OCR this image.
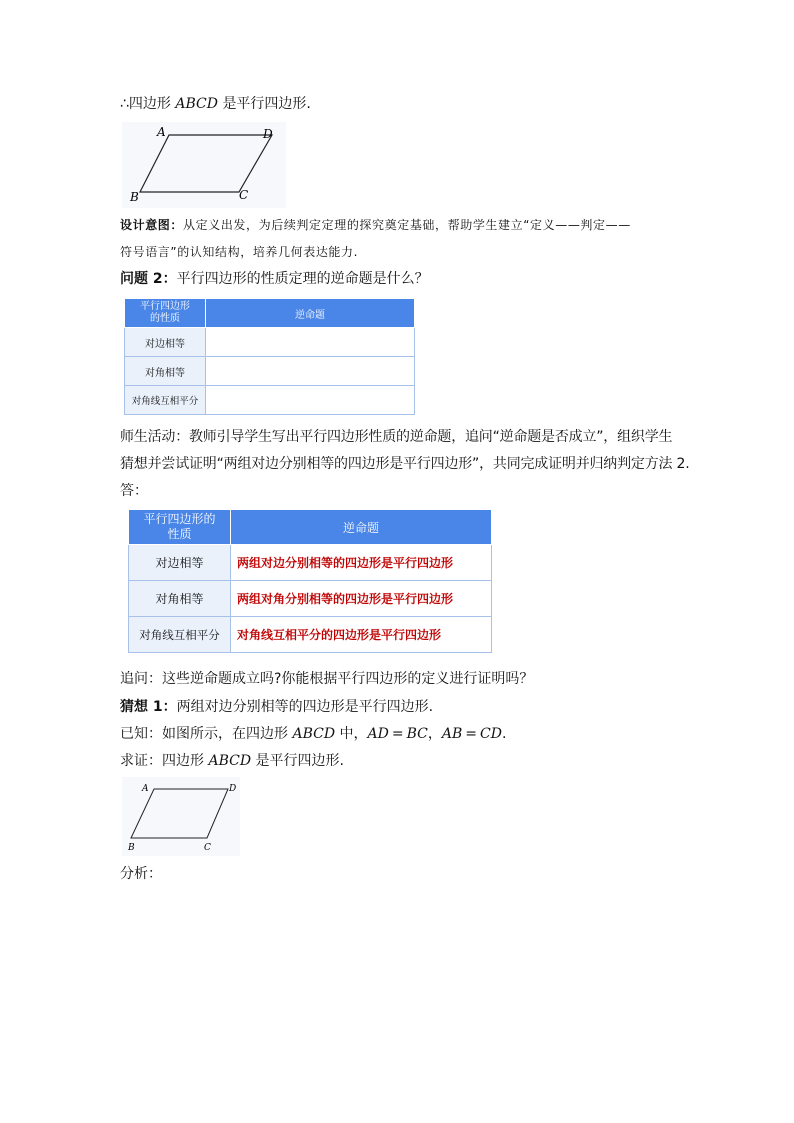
∴四边形 ABCD 是平行四边形.
A	D
B	C
设计意图：从定义出发，为后续判定定理的探究奠定基础，帮助学生建立“定义——判定——
符号语言”的认知结构，培养几何表达能力.
问题 2：平行四边形的性质定理的逆命题是什么？
平行四边形的性质	逆命题
对边相等	
对角相等	
对角线互相平分	
师生活动：教师引导学生写出平行四边形性质的逆命题，追问“逆命题是否成立”，组织学生
猜想并尝试证明“两组对边分别相等的四边形是平行四边形”，共同完成证明并归纳判定方法 2.
答：
平行四边形的性质	逆命题
对边相等	两组对边分别相等的四边形是平行四边形
对角相等	两组对角分别相等的四边形是平行四边形
对角线互相平分	对角线互相平分的四边形是平行四边形
追问：这些逆命题成立吗?你能根据平行四边形的定义进行证明吗？
猜想 1：两组对边分别相等的四边形是平行四边形.
已知：如图所示，在四边形 ABCD 中，AD = BC，AB = CD.
求证：四边形 ABCD 是平行四边形.
A	D
B	C
分析：
